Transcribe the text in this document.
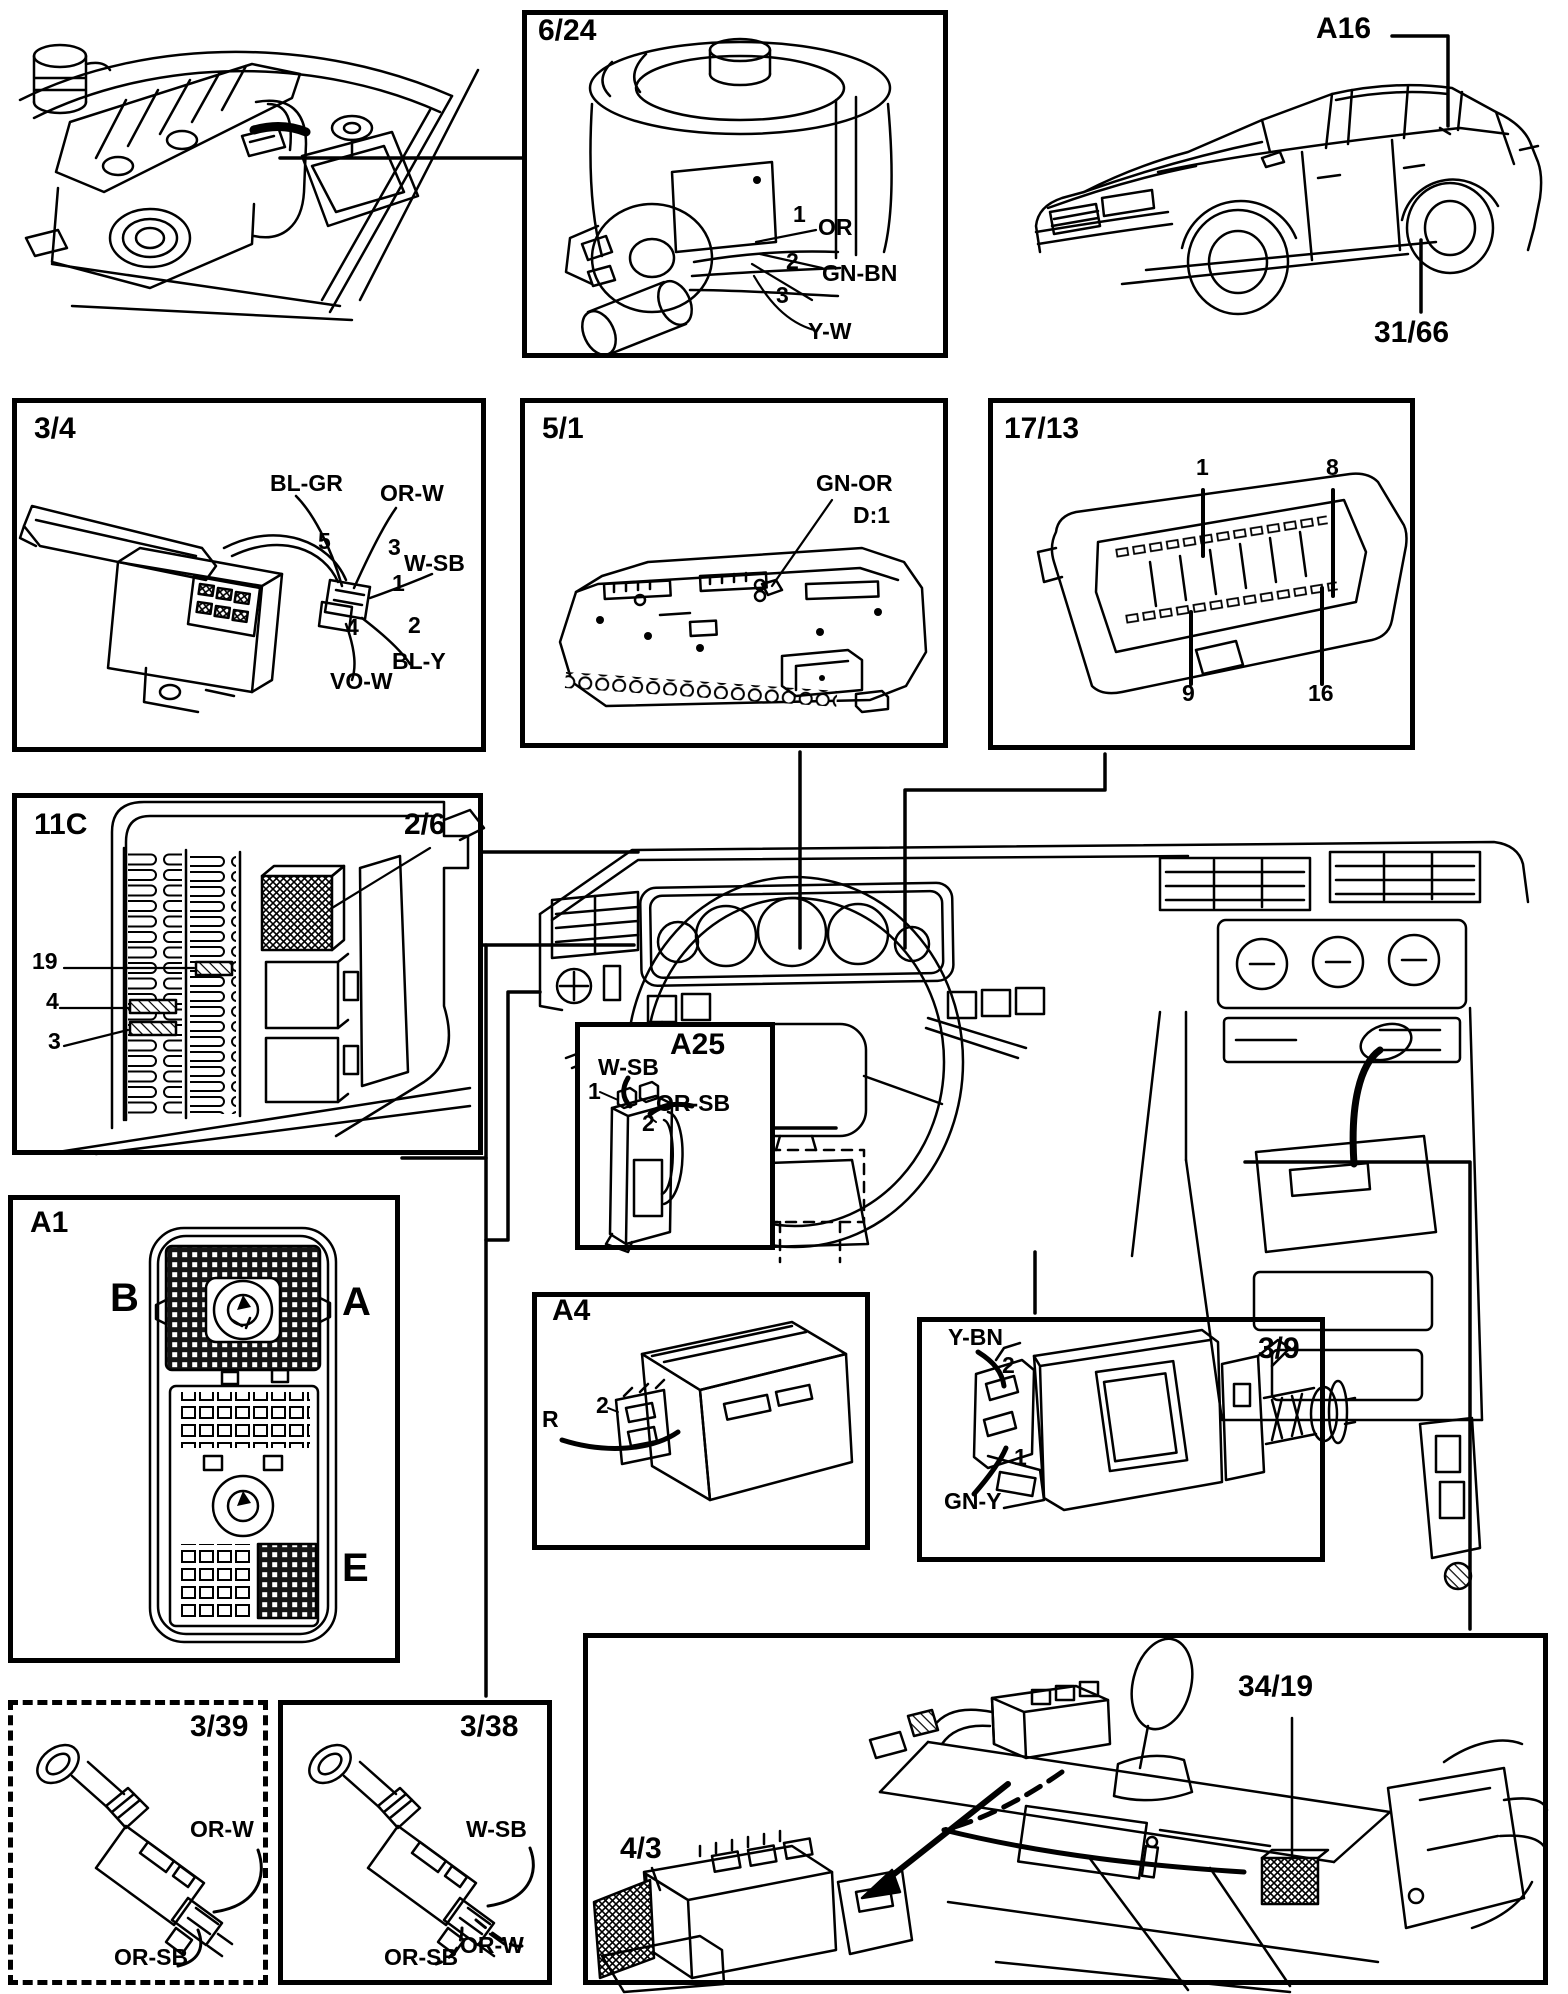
6/24	A16
31/66
3/4	5/1	17/13
11C	2/6
A25
A1
A4
3/9
3/39	3/38
4/3
34/19
1 OR
2 GN-BN
3
Y-W
BL-GR OR-W
5 3
W-SB
1
4 2
BL-Y
VO-W
GN-OR
D:1
1	8
9	16
19
4
3
W-SB
1 OR-SB
2
B	A
E
R
2
Y-BN
2
1
GN-Y
OR-W
OR-SB
W-SB
OR-W
OR-SB
